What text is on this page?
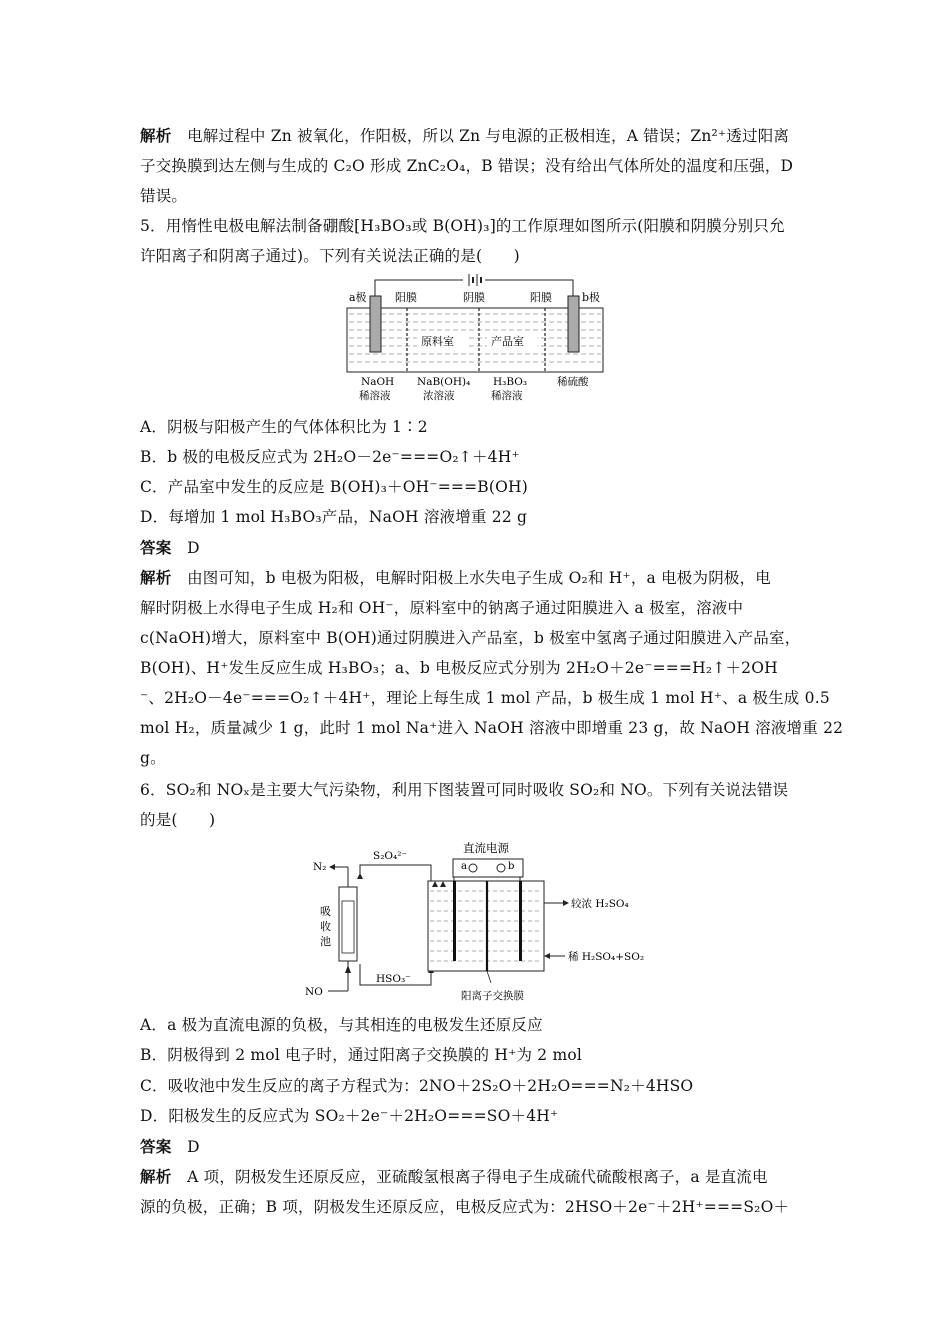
解析　 电解过程中 Zn 被氧化，作阳极，所以 Zn 与电源的正极相连，A 错误；Zn²⁺透过阳离
子交换膜到达左侧与生成的 C₂O 形成 ZnC₂O₄，B 错误；没有给出气体所处的温度和压强，D
错误。
5．用惰性电极电解法制备硼酸[H₃BO₃或 B(OH)₃]的工作原理如图所示(阳膜和阴膜分别只允
许阳离子和阴离子通过)。下列有关说法正确的是(　　)
a极	b极
阳膜	阴膜	阳膜
原料室	产品室
NaOH
稀溶液
NaB(OH)₄
浓溶液
H₃BO₃
稀溶液
稀硫酸
A．阴极与阳极产生的气体体积比为 1∶2
B．b 极的电极反应式为 2H₂O－2e⁻===O₂↑＋4H⁺
C．产品室中发生的反应是 B(OH)₃＋OH⁻===B(OH)
D．每增加 1 mol H₃BO₃产品，NaOH 溶液增重 22 g
答案　 D
解析　 由图可知，b 电极为阳极，电解时阳极上水失电子生成 O₂和 H⁺，a 电极为阴极，电
解时阴极上水得电子生成 H₂和 OH⁻，原料室中的钠离子通过阳膜进入 a 极室，溶液中
c(NaOH)增大，原料室中 B(OH)通过阴膜进入产品室，b 极室中氢离子通过阳膜进入产品室，
B(OH)、H⁺发生反应生成 H₃BO₃；a、b 电极反应式分别为 2H₂O＋2e⁻===H₂↑＋2OH
⁻、2H₂O－4e⁻===O₂↑＋4H⁺，理论上每生成 1 mol 产品，b 极生成 1 mol H⁺、a 极生成 0.5
mol H₂，质量减少 1 g，此时 1 mol Na⁺进入 NaOH 溶液中即增重 23 g，故 NaOH 溶液增重 22
g。
6．SO₂和 NOₓ是主要大气污染物，利用下图装置可同时吸收 SO₂和 NO。下列有关说法错误
的是(　　)
N₂
S₂O₄²⁻
直流电源
a	b
吸
收
池
较浓 H₂SO₄
稀 H₂SO₄+SO₂
HSO₃⁻
NO	阳离子交换膜
A．a 极为直流电源的负极，与其相连的电极发生还原反应
B．阴极得到 2 mol 电子时，通过阳离子交换膜的 H⁺为 2 mol
C．吸收池中发生反应的离子方程式为：2NO＋2S₂O＋2H₂O===N₂＋4HSO
D．阳极发生的反应式为 SO₂＋2e⁻＋2H₂O===SO＋4H⁺
答案　 D
解析　 A 项，阴极发生还原反应，亚硫酸氢根离子得电子生成硫代硫酸根离子，a 是直流电
源的负极，正确；B 项，阴极发生还原反应，电极反应式为：2HSO＋2e⁻＋2H⁺===S₂O＋
